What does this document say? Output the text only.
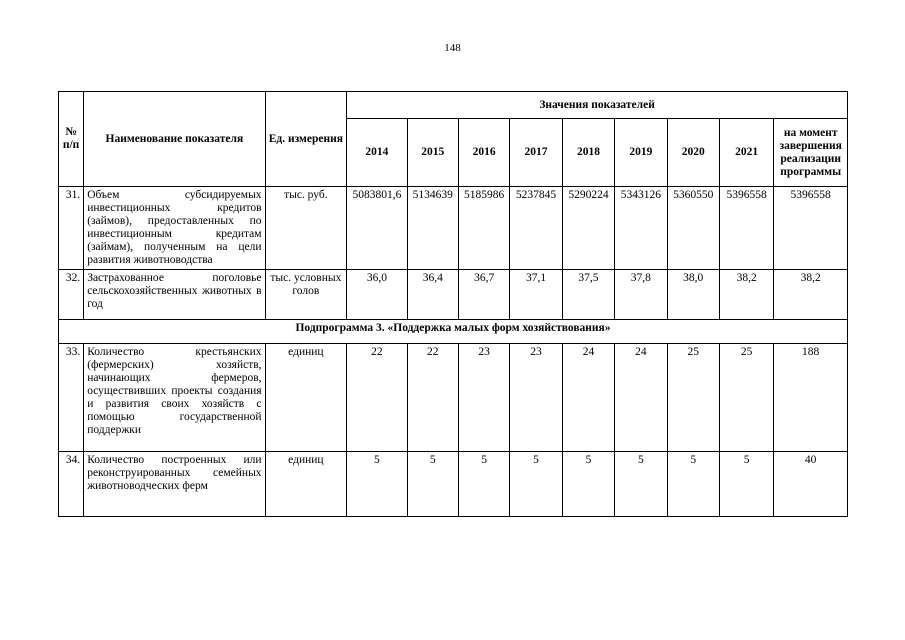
148
№ п/п	Наименование показателя	Ед. измерения	Значения показателей								
			2014	2015	2016	2017	2018	2019	2020	2021	на момент завершения реализации программы
31.	Объем субсидируемых инвестиционных кредитов (займов), предоставленных по инвестиционным кредитам (займам), полученным на цели развития животноводства	тыс. руб.	5083801,6	5134639	5185986	5237845	5290224	5343126	5360550	5396558	5396558
32.	Застрахованное поголовье сельскохозяйственных животных в год	тыс. условных голов	36,0	36,4	36,7	37,1	37,5	37,8	38,0	38,2	38,2
Подпрограмма 3. «Поддержка малых форм хозяйствования»											
33.	Количество крестьянских (фермерских) хозяйств, начинающих фермеров, осуществивших проекты создания и развития своих хозяйств с помощью государственной поддержки	единиц	22	22	23	23	24	24	25	25	188
34.	Количество построенных или реконструированных семейных животноводческих ферм	единиц	5	5	5	5	5	5	5	5	40
